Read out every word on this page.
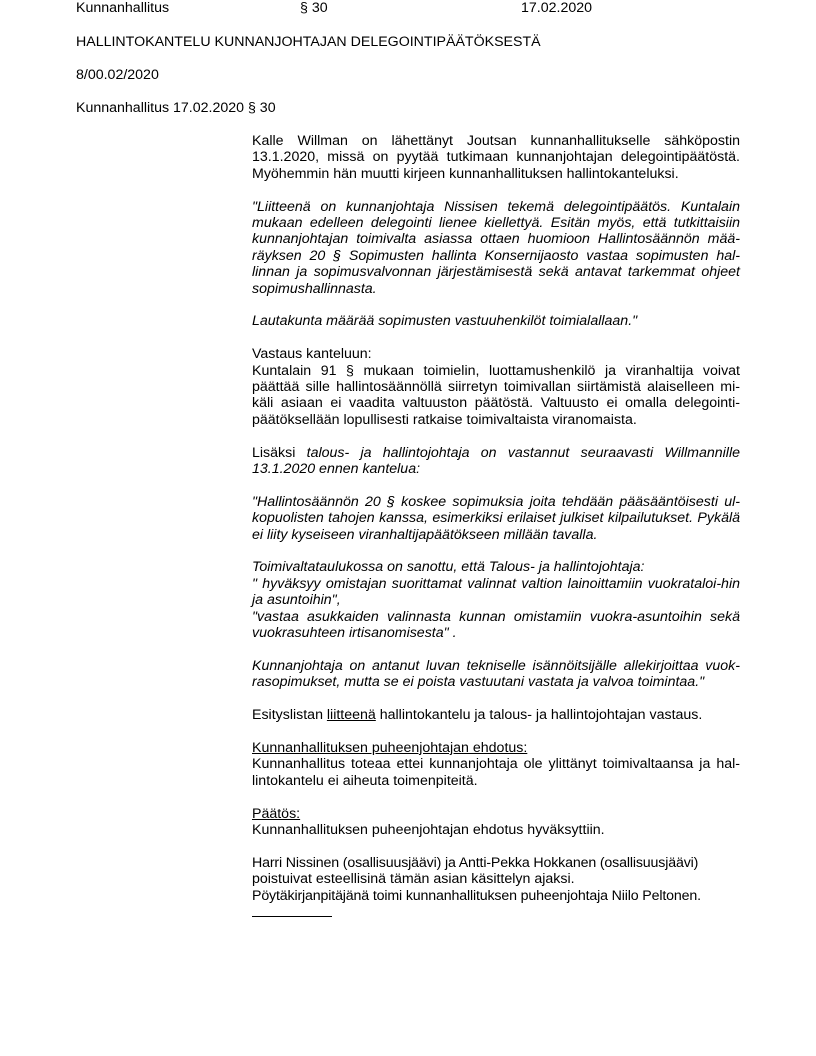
Kunnanhallitus	§ 30	17.02.2020
HALLINTOKANTELU KUNNANJOHTAJAN DELEGOINTIPÄÄTÖKSESTÄ
8/00.02/2020
Kunnanhallitus 17.02.2020 § 30

Kalle Willman on lähettänyt Joutsan kunnanhallitukselle sähköpostin 13.1.2020, missä on pyytää tutkimaan kunnanjohtajan delegointipäätöstä. Myöhemmin hän muutti kirjeen kunnanhallituksen hallintokanteluksi.

"Liitteenä on kunnanjohtaja Nissisen tekemä delegointipäätös. Kuntalain mukaan edelleen delegointi lienee kiellettyä. Esitän myös, että tutkittaisiin kunnanjohtajan toimivalta asiassa ottaen huomioon Hallintosäännön mää-räyksen 20 § Sopimusten hallinta Konsernijaosto vastaa sopimusten hal-linnan ja sopimusvalvonnan järjestämisestä sekä antavat tarkemmat ohjeet sopimushallinnasta.

Lautakunta määrää sopimusten vastuuhenkilöt toimialallaan."

Vastaus kanteluun:

Kuntalain 91 § mukaan toimielin, luottamushenkilö ja viranhaltija voivat päättää sille hallintosäännöllä siirretyn toimivallan siirtämistä alaiselleen mi-käli asiaan ei vaadita valtuuston päätöstä. Valtuusto ei omalla delegointi-päätöksellään lopullisesti ratkaise toimivaltaista viranomaista.

Lisäksi talous- ja hallintojohtaja on vastannut seuraavasti Willmannille 13.1.2020 ennen kantelua:

"Hallintosäännön 20 § koskee sopimuksia joita tehdään pääsääntöisesti ul-kopuolisten tahojen kanssa, esimerkiksi erilaiset julkiset kilpailutukset. Pykälä ei liity kyseiseen viranhaltijapäätökseen millään tavalla.

Toimivaltataulukossa on sanottu, että Talous- ja hallintojohtaja:

" hyväksyy omistajan suorittamat valinnat valtion lainoittamiin vuokrataloi-hin ja asuntoihin",

"vastaa asukkaiden valinnasta kunnan omistamiin vuokra-asuntoihin sekä vuokrasuhteen irtisanomisesta" .

Kunnanjohtaja on antanut luvan tekniselle isännöitsijälle allekirjoittaa vuok-rasopimukset, mutta se ei poista vastuutani vastata ja valvoa toimintaa."

Esityslistan liitteenä hallintokantelu ja talous- ja hallintojohtajan vastaus.

Kunnanhallituksen puheenjohtajan ehdotus:

Kunnanhallitus toteaa ettei kunnanjohtaja ole ylittänyt toimivaltaansa ja hal-lintokantelu ei aiheuta toimenpiteitä.

Päätös:

Kunnanhallituksen puheenjohtajan ehdotus hyväksyttiin.

Harri Nissinen (osallisuusjäävi) ja Antti-Pekka Hokkanen (osallisuusjäävi)
poistuivat esteellisinä tämän asian käsittelyn ajaksi.
Pöytäkirjanpitäjänä toimi kunnanhallituksen puheenjohtaja Niilo Peltonen.
